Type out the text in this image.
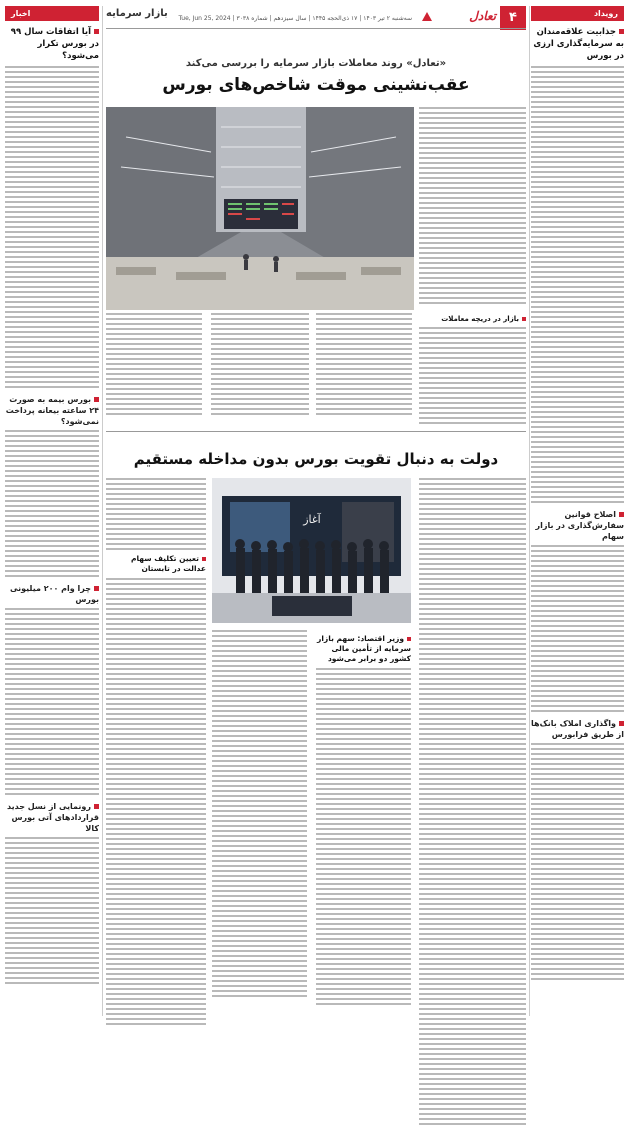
رویداد
جذابیت علاقه‌مندان به سرمایه‌گذاری ارزی در بورس
اصلاح قوانین سفارش‌گذاری در بازار سهام
واگذاری املاک بانک‌ها از طریق فرابورس
اخبار
آیا اتفاقات سال ۹۹ در بورس تکرار می‌شود؟
بورس بیمه به صورت ۲۴ ساعته بیعانه پرداخت نمی‌شود؟
چرا وام ۲۰۰ میلیونی بورس
رونمایی از نسل جدید قراردادهای آتی بورس کالا
۴
تعادل
سه‌شنبه ۲ تیر ۱۴۰۳ | ۱۷ ذی‌الحجه ۱۴۴۵ | سال سیزدهم | شماره ۳۰۳۸ | Tue, Jun 25, 2024
بازار سرمایه
«تعادل» روند معاملات بازار سرمایه را بررسی می‌کند
عقب‌نشینی موقت شاخص‌های بورس
بازار در دریچه معاملات
دولت به دنبال تقویت بورس بدون مداخله مستقیم
آغاز
تعیین تکلیف سهام عدالت در تابستان
وزیر اقتصاد: سهم بازار سرمایه از تأمین مالی کشور دو برابر می‌شود
